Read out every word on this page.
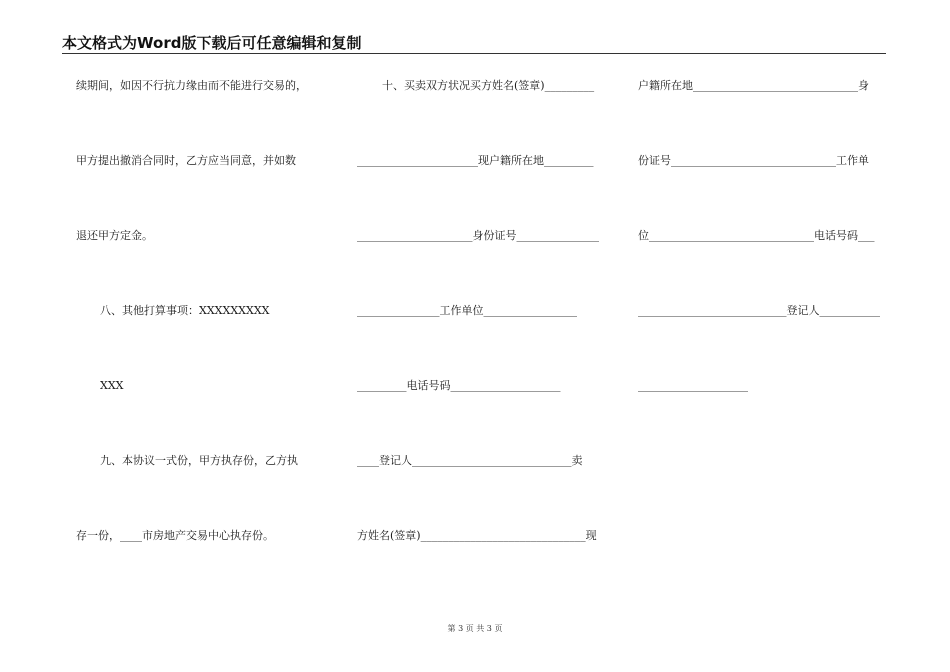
本文格式为Word版下载后可任意编辑和复制
续期间，如因不行抗力缘由而不能进行交易的，
甲方提出撤消合同时，乙方应当同意，并如数
退还甲方定金。
八、其他打算事项：XXXXXXXXX
XXX
九、本协议一式份，甲方执存份，乙方执
存一份，____市房地产交易中心执存份。
十、买卖双方状况买方姓名(签章)_________
______________________现户籍所在地_________
_____________________身份证号_______________
_______________工作单位_________________
_________电话号码____________________
____登记人_____________________________卖
方姓名(签章)______________________________现
户籍所在地______________________________身
份证号______________________________工作单
位______________________________电话号码___
___________________________登记人___________
____________________
第 3 页 共 3 页
